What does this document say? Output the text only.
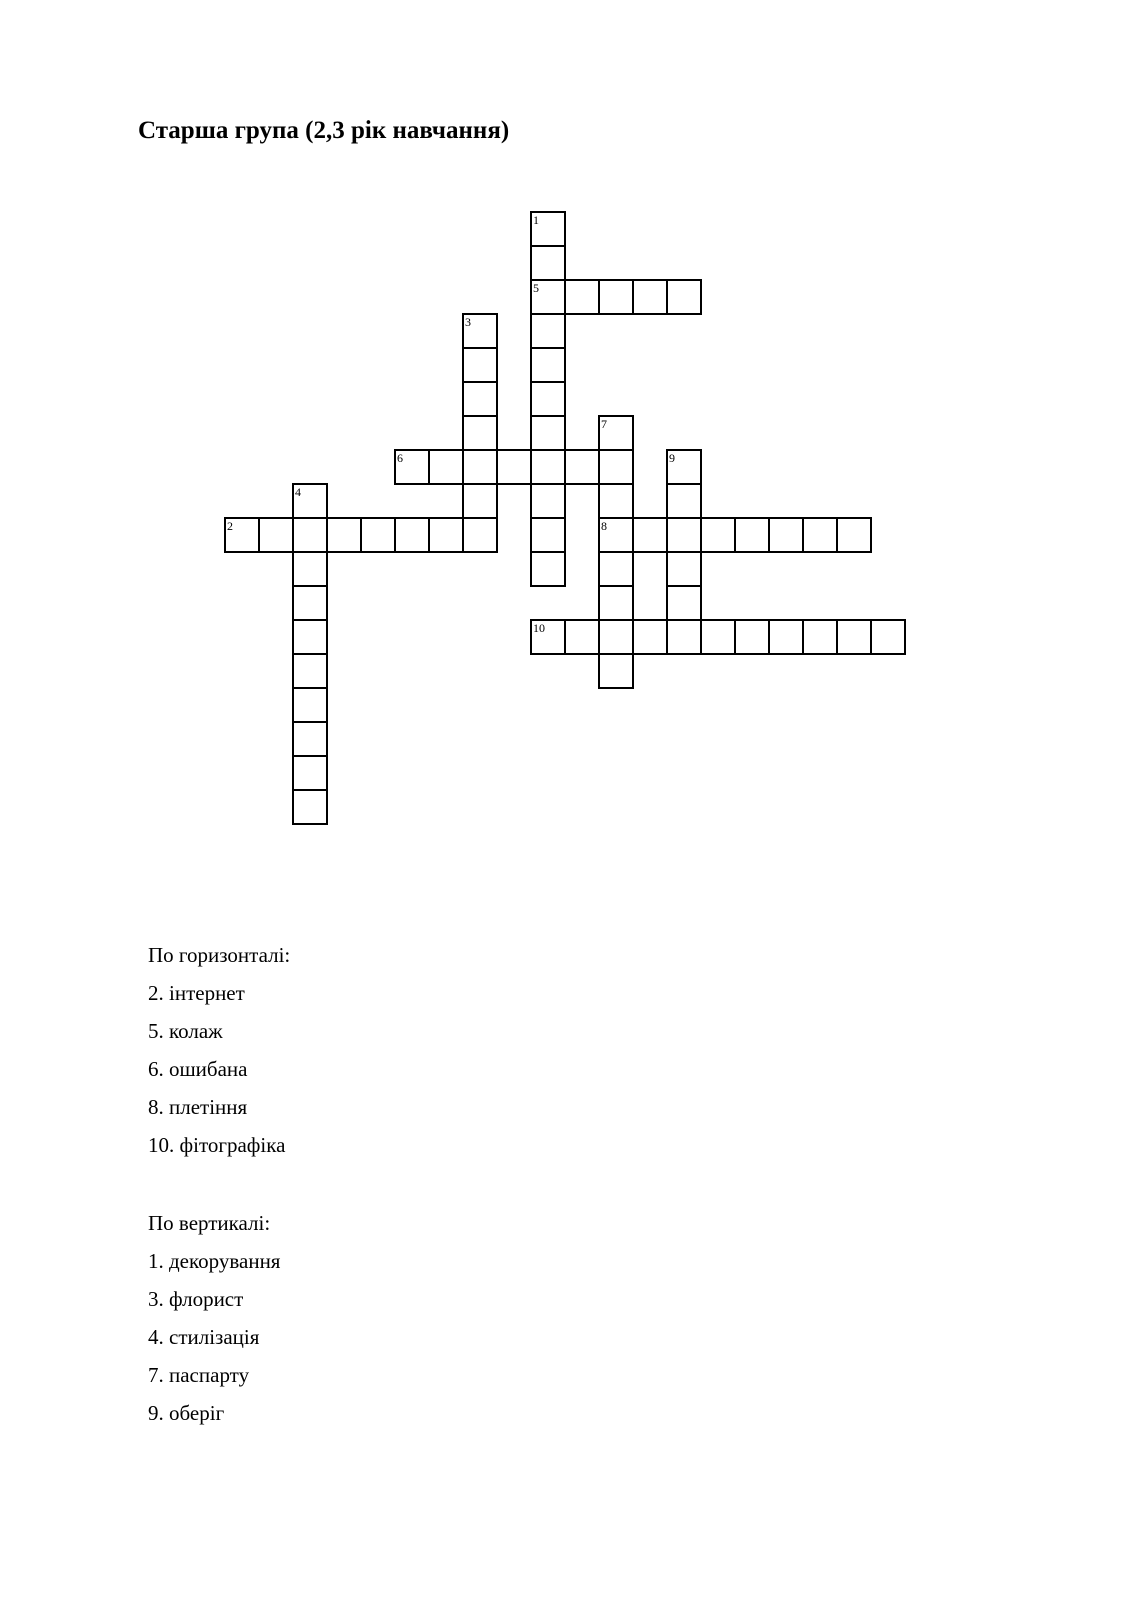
Старша група (2,3 рік навчання)
1
5
2
3
4
6
7
8
9
10
По горизонталі:
2. інтернет
5. колаж
6. ошибана
8. плетіння
10. фітографіка
По вертикалі:
1. декорування
3. флорист
4. стилізація
7. паспарту
9. оберіг
